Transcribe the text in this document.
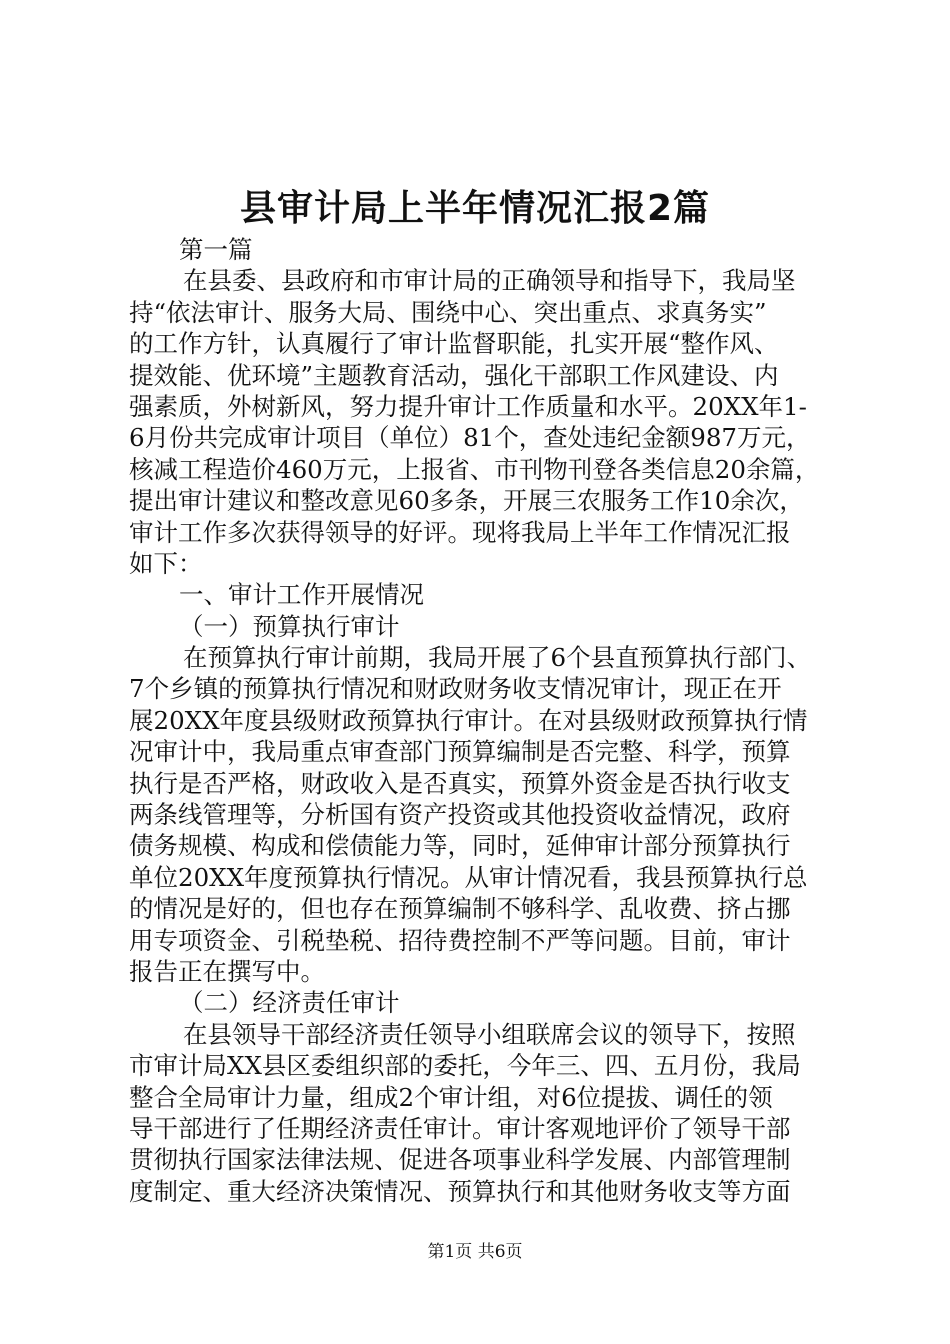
县审计局上半年情况汇报2篇
第一篇
在县委、县政府和市审计局的正确领导和指导下，我局坚
持“依法审计、服务大局、围绕中心、突出重点、求真务实”
的工作方针，认真履行了审计监督职能，扎实开展“整作风、
提效能、优环境”主题教育活动，强化干部职工作风建设、内
强素质，外树新风，努力提升审计工作质量和水平。20XX年1-
6月份共完成审计项目（单位）81个，查处违纪金额987万元，
核减工程造价460万元，上报省、市刊物刊登各类信息20余篇，
提出审计建议和整改意见60多条，开展三农服务工作10余次，
审计工作多次获得领导的好评。现将我局上半年工作情况汇报
如下：
一、审计工作开展情况
（一）预算执行审计
在预算执行审计前期，我局开展了6个县直预算执行部门、
7个乡镇的预算执行情况和财政财务收支情况审计，现正在开
展20XX年度县级财政预算执行审计。在对县级财政预算执行情
况审计中，我局重点审查部门预算编制是否完整、科学，预算
执行是否严格，财政收入是否真实，预算外资金是否执行收支
两条线管理等，分析国有资产投资或其他投资收益情况，政府
债务规模、构成和偿债能力等，同时，延伸审计部分预算执行
单位20XX年度预算执行情况。从审计情况看，我县预算执行总
的情况是好的，但也存在预算编制不够科学、乱收费、挤占挪
用专项资金、引税垫税、招待费控制不严等问题。目前，审计
报告正在撰写中。
（二）经济责任审计
在县领导干部经济责任领导小组联席会议的领导下，按照
市审计局XX县区委组织部的委托，今年三、四、五月份，我局
整合全局审计力量，组成2个审计组，对6位提拔、调任的领
导干部进行了任期经济责任审计。审计客观地评价了领导干部
贯彻执行国家法律法规、促进各项事业科学发展、内部管理制
度制定、重大经济决策情况、预算执行和其他财务收支等方面
第1页 共6页
